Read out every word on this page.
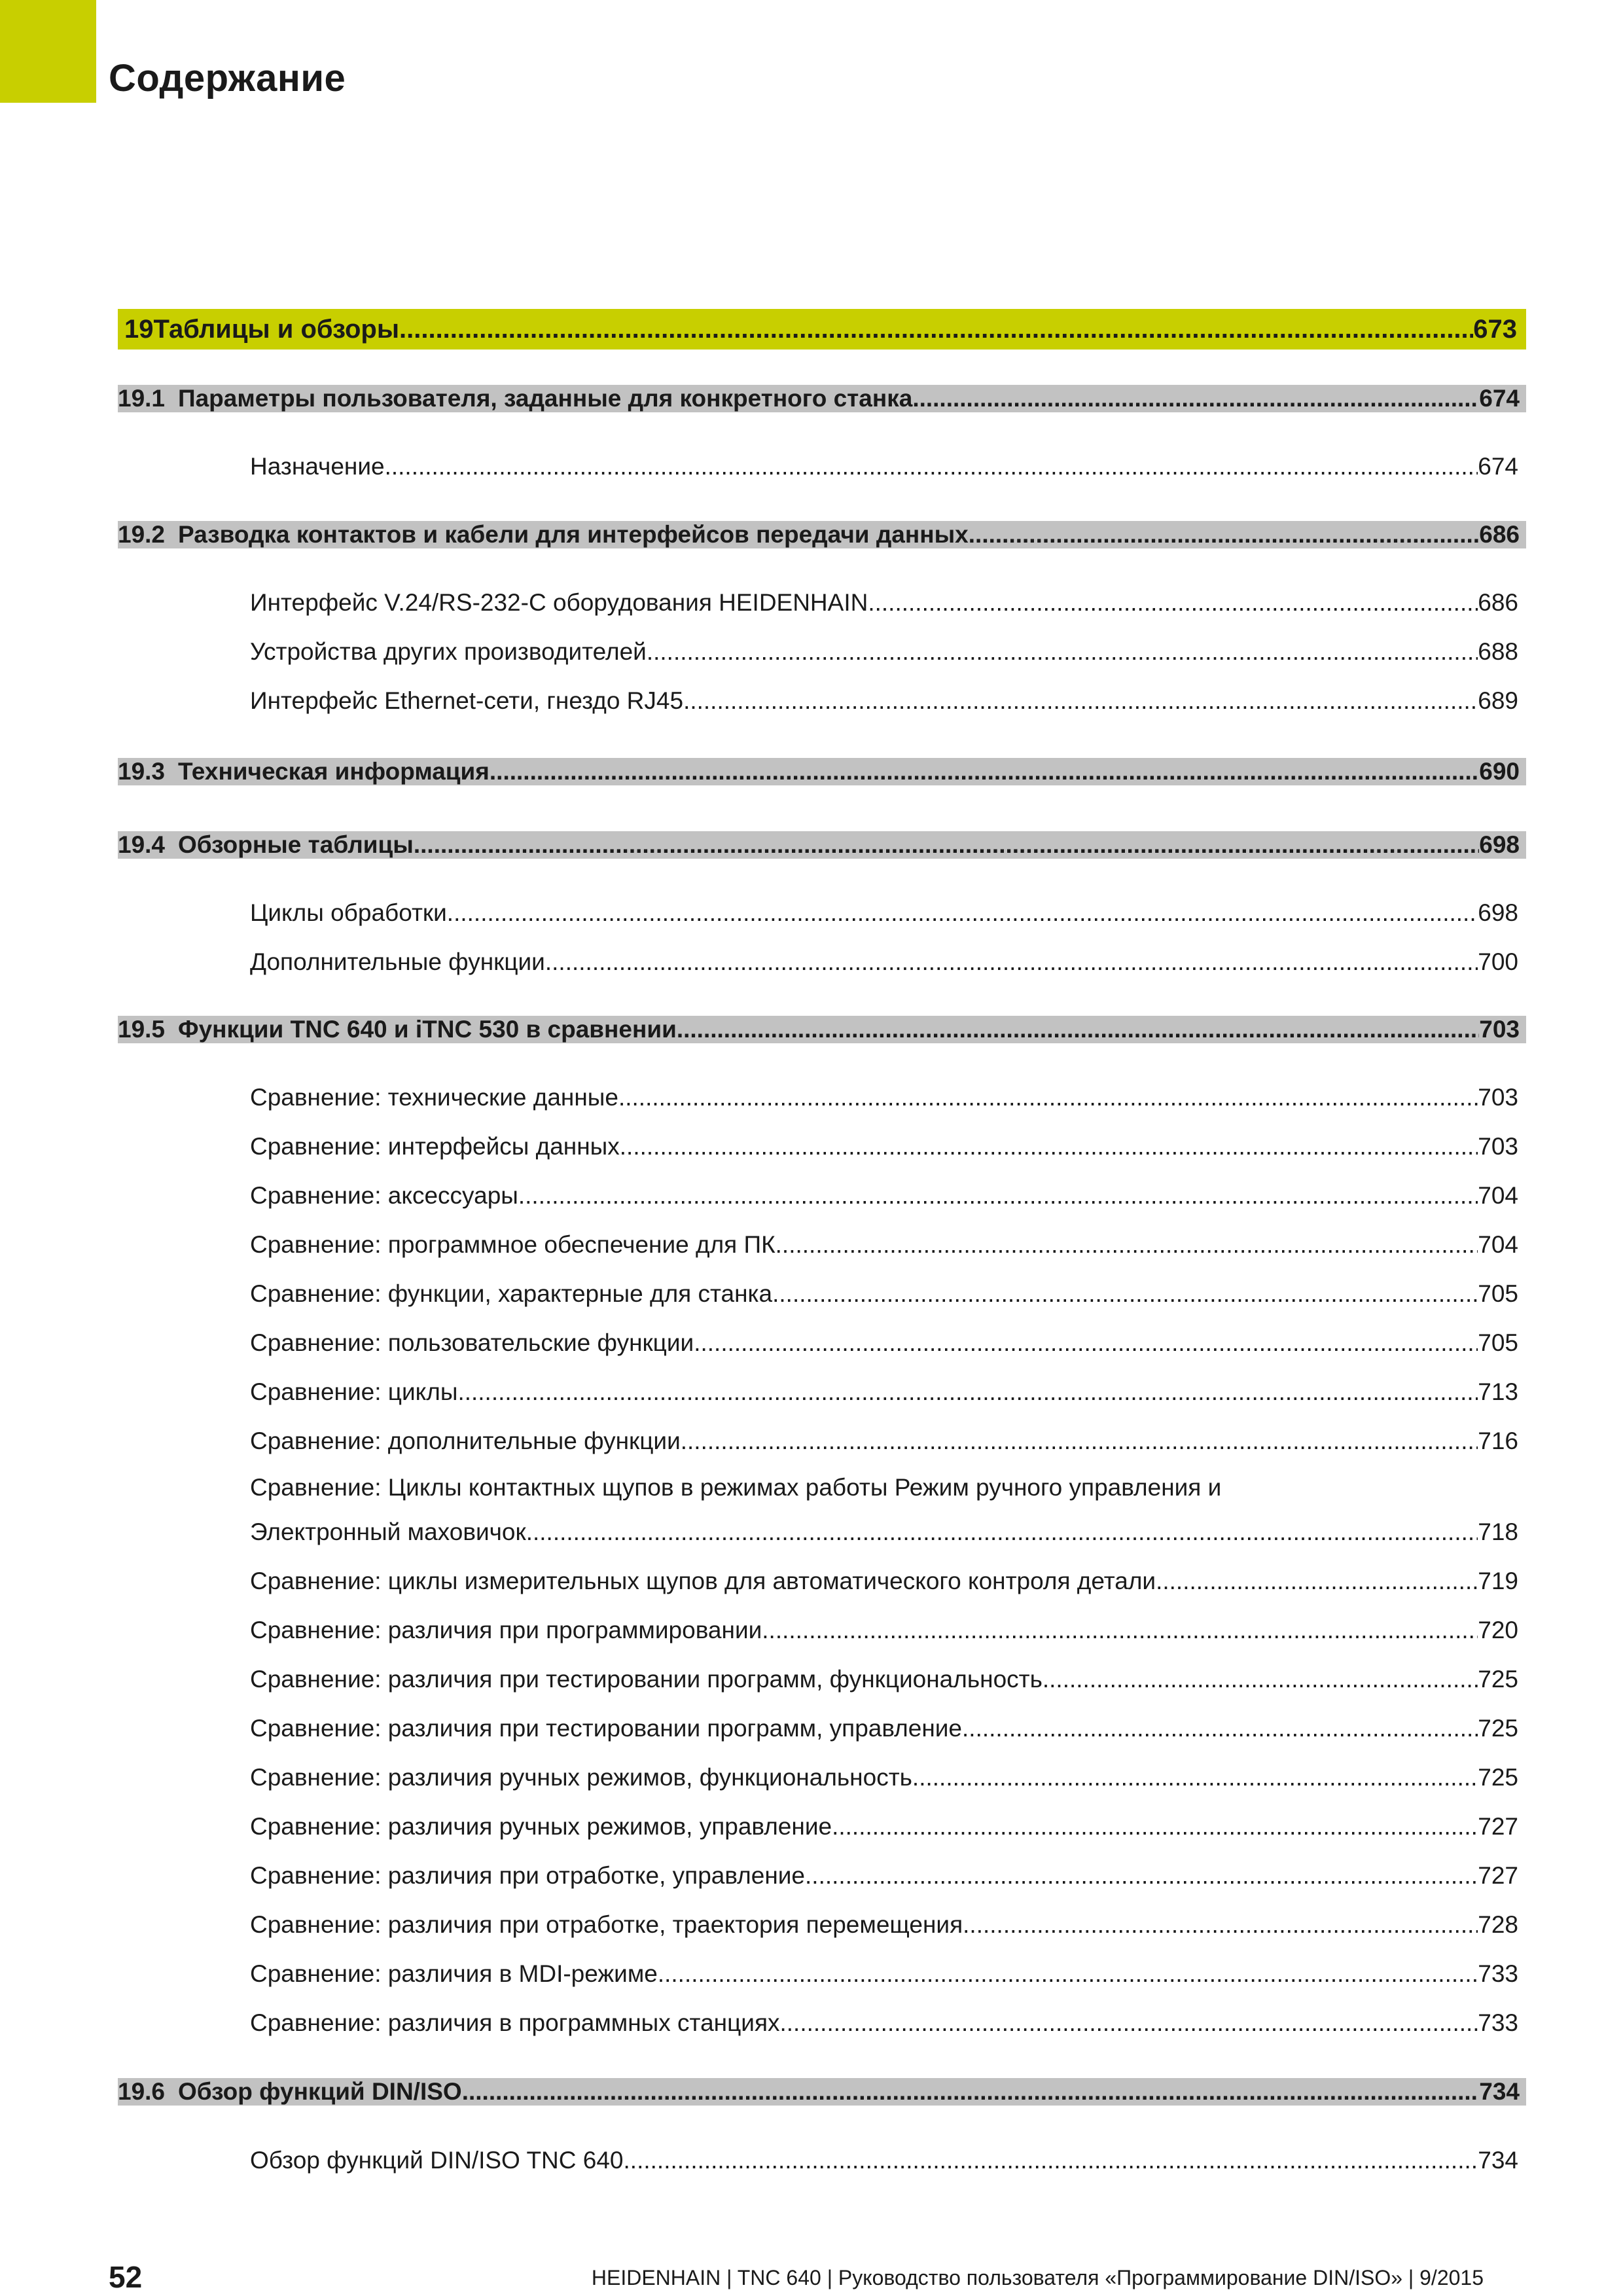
Содержание
19 Таблицы и обзоры .....	673
19.1 Параметры пользователя, заданные для конкретного станка .....	674
Назначение .....	674
19.2 Разводка контактов и кабели для интерфейсов передачи данных .....	686
Интерфейс V.24/RS-232-C оборудования HEIDENHAIN .....	686
Устройства других производителей .....	688
Интерфейс Ethernet-сети, гнездо RJ45 .....	689
19.3 Техническая информация .....	690
19.4 Обзорные таблицы .....	698
Циклы обработки .....	698
Дополнительные функции .....	700
19.5 Функции TNC 640 и iTNC 530 в сравнении .....	703
Сравнение: технические данные .....	703
Сравнение: интерфейсы данных .....	703
Сравнение: аксессуары .....	704
Сравнение: программное обеспечение для ПК .....	704
Сравнение: функции, характерные для станка .....	705
Сравнение: пользовательские функции .....	705
Сравнение: циклы .....	713
Сравнение: дополнительные функции .....	716
Сравнение: Циклы контактных щупов в режимах работы Режим ручного управления и
Электронный маховичок .....	718
Сравнение: циклы измерительных щупов для автоматического контроля детали .....	719
Сравнение: различия при программировании .....	720
Сравнение: различия при тестировании программ, функциональность .....	725
Сравнение: различия при тестировании программ, управление .....	725
Сравнение: различия ручных режимов, функциональность .....	725
Сравнение: различия ручных режимов, управление .....	727
Сравнение: различия при отработке, управление .....	727
Сравнение: различия при отработке, траектория перемещения .....	728
Сравнение: различия в MDI-режиме .....	733
Сравнение: различия в программных станциях .....	733
19.6 Обзор функций DIN/ISO .....	734
Обзор функций DIN/ISO TNC 640 .....	734
52	HEIDENHAIN | TNC 640 | Руководство пользователя «Программирование DIN/ISO» | 9/2015
